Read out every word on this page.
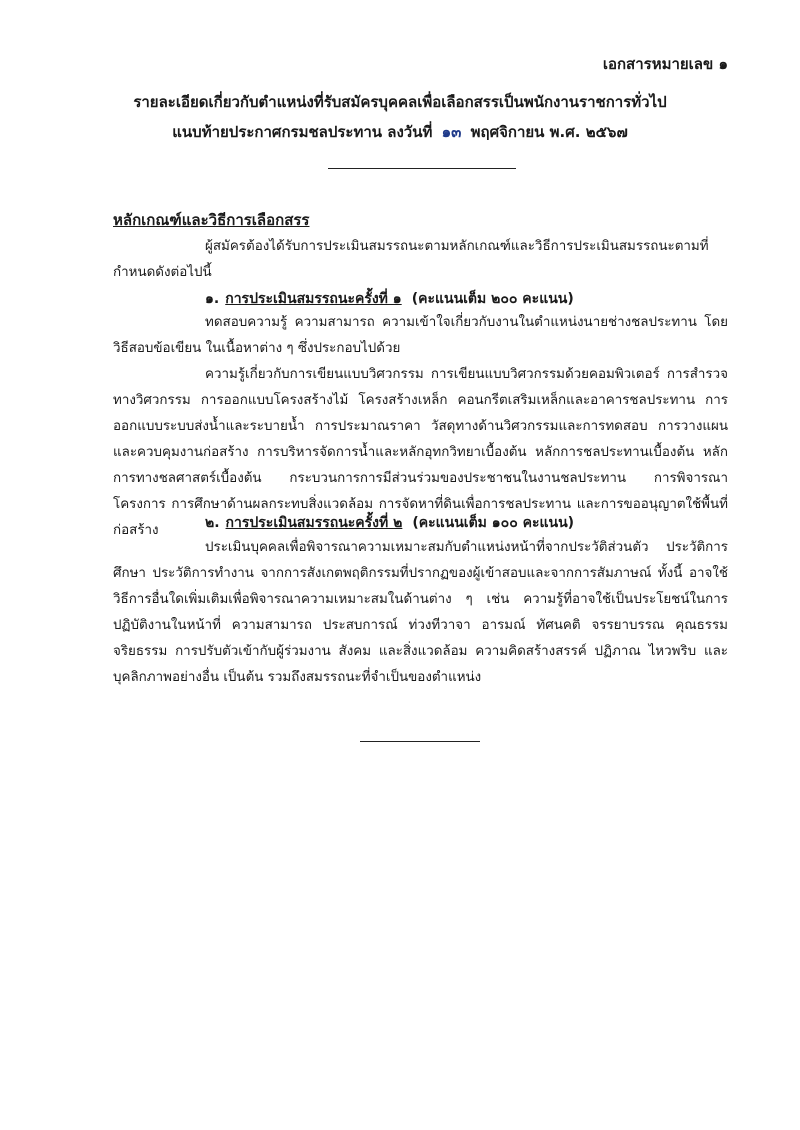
เอกสารหมายเลข ๑
รายละเอียดเกี่ยวกับตำแหน่งที่รับสมัครบุคคลเพื่อเลือกสรรเป็นพนักงานราชการทั่วไป
แนบท้ายประกาศกรมชลประทาน ลงวันที่ ๑๓ พฤศจิกายน พ.ศ. ๒๕๖๗
หลักเกณฑ์และวิธีการเลือกสรร
ผู้สมัครต้องได้รับการประเมินสมรรถนะตามหลักเกณฑ์และวิธีการประเมินสมรรถนะตามที่กำหนดดังต่อไปนี้
๑. การประเมินสมรรถนะครั้งที่ ๑ (คะแนนเต็ม ๒๐๐ คะแนน)
ทดสอบความรู้ ความสามารถ ความเข้าใจเกี่ยวกับงานในตำแหน่งนายช่างชลประทาน โดยวิธีสอบข้อเขียน ในเนื้อหาต่าง ๆ ซึ่งประกอบไปด้วย
ความรู้เกี่ยวกับการเขียนแบบวิศวกรรม การเขียนแบบวิศวกรรมด้วยคอมพิวเตอร์ การสำรวจทางวิศวกรรม การออกแบบโครงสร้างไม้ โครงสร้างเหล็ก คอนกรีตเสริมเหล็กและอาคารชลประทาน การออกแบบระบบส่งน้ำและระบายน้ำ การประมาณราคา วัสดุทางด้านวิศวกรรมและการทดสอบ การวางแผนและควบคุมงานก่อสร้าง การบริหารจัดการน้ำและหลักอุทกวิทยาเบื้องต้น หลักการชลประทานเบื้องต้น หลักการทางชลศาสตร์เบื้องต้น กระบวนการการมีส่วนร่วมของประชาชนในงานชลประทาน การพิจารณาโครงการ การศึกษาด้านผลกระทบสิ่งแวดล้อม การจัดหาที่ดินเพื่อการชลประทาน และการขออนุญาตใช้พื้นที่ก่อสร้าง	๒. การประเมินสมรรถนะครั้งที่ ๒ (คะแนนเต็ม ๑๐๐ คะแนน)
ประเมินบุคคลเพื่อพิจารณาความเหมาะสมกับตำแหน่งหน้าที่จากประวัติส่วนตัว ประวัติการศึกษา ประวัติการทำงาน จากการสังเกตพฤติกรรมที่ปรากฏของผู้เข้าสอบและจากการสัมภาษณ์ ทั้งนี้ อาจใช้วิธีการอื่นใดเพิ่มเติมเพื่อพิจารณาความเหมาะสมในด้านต่าง ๆ เช่น ความรู้ที่อาจใช้เป็นประโยชน์ในการปฏิบัติงานในหน้าที่ ความสามารถ ประสบการณ์ ท่วงทีวาจา อารมณ์ ทัศนคติ จรรยาบรรณ คุณธรรม จริยธรรม การปรับตัวเข้ากับผู้ร่วมงาน สังคม และสิ่งแวดล้อม ความคิดสร้างสรรค์ ปฏิภาณ ไหวพริบ และบุคลิกภาพอย่างอื่น เป็นต้น รวมถึงสมรรถนะที่จำเป็นของตำแหน่ง
